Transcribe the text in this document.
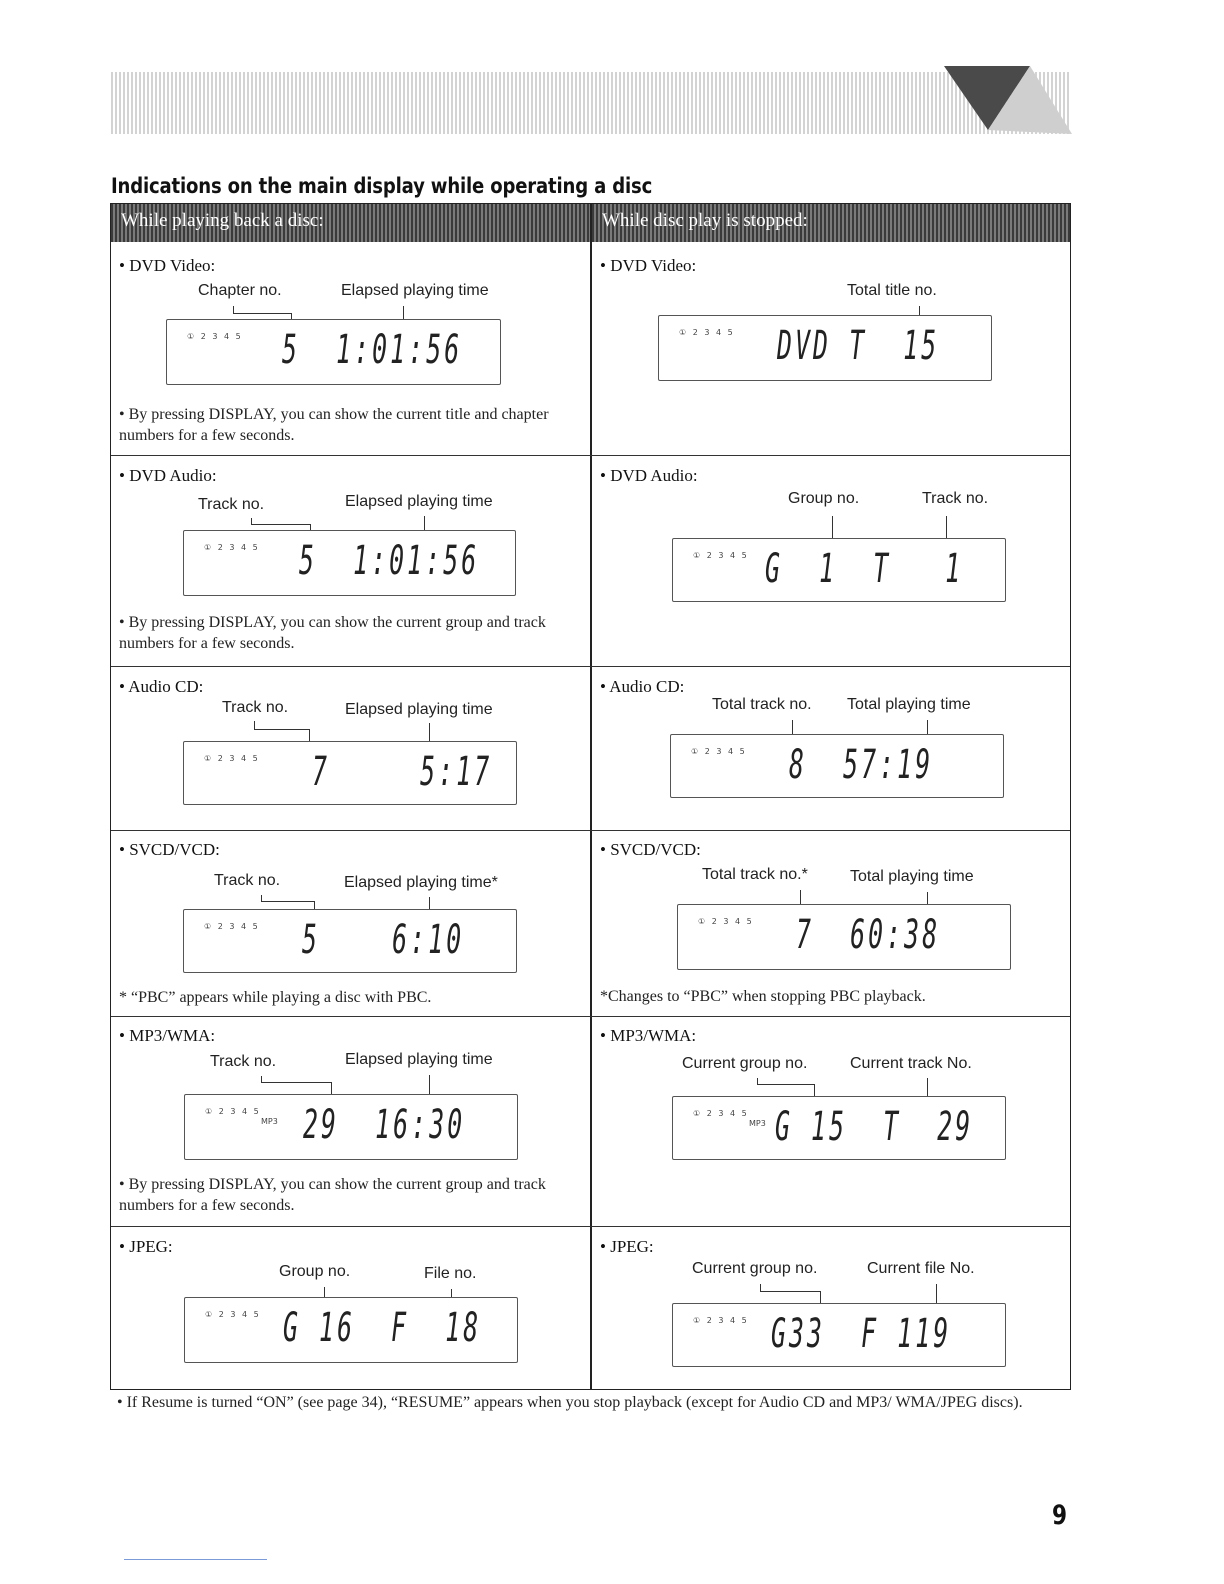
Indications on the main display while operating a disc
While playing back a disc:	While disc play is stopped:
• DVD Video:
Chapter no.	Elapsed playing time
① 2 3 4 5 5  1:01:56
• By pressing DISPLAY, you can show the current title and chapter numbers for a few seconds.
• DVD Video:
Total title no.
① 2 3 4 5 DVD T  15
• DVD Audio:
Track no.	Elapsed playing time
① 2 3 4 5 5  1:01:56
• By pressing DISPLAY, you can show the current group and track numbers for a few seconds.
• DVD Audio:
Group no.	Track no.
① 2 3 4 5 G  1  T   1
• Audio CD:
Track no.	Elapsed playing time
① 2 3 4 5 7     5:17
• Audio CD:
Total track no. Total playing time
① 2 3 4 5 8  57:19
• SVCD/VCD:
Track no.	Elapsed playing time*
① 2 3 4 5 5    6:10
* “PBC” appears while playing a disc with PBC.
• SVCD/VCD:
Total track no.*	Total playing time
① 2 3 4 5 7  60:38
*Changes to “PBC” when stopping PBC playback.
• MP3/WMA:
Track no.	Elapsed playing time
① 2 3 4 5
MP3 29  16:30
• By pressing DISPLAY, you can show the current group and track numbers for a few seconds.
• MP3/WMA:
Current group no.	Current track No.
① 2 3 4 5
MP3 G 15  T  29
• JPEG:
Group no.	File no.
① 2 3 4 5 G 16  F  18
• JPEG:
Current group no.	Current file No.
① 2 3 4 5 G33  F 119

• If Resume is turned “ON” (see page 34), “RESUME” appears when you stop playback (except for Audio CD and MP3/ WMA/JPEG discs).

9
